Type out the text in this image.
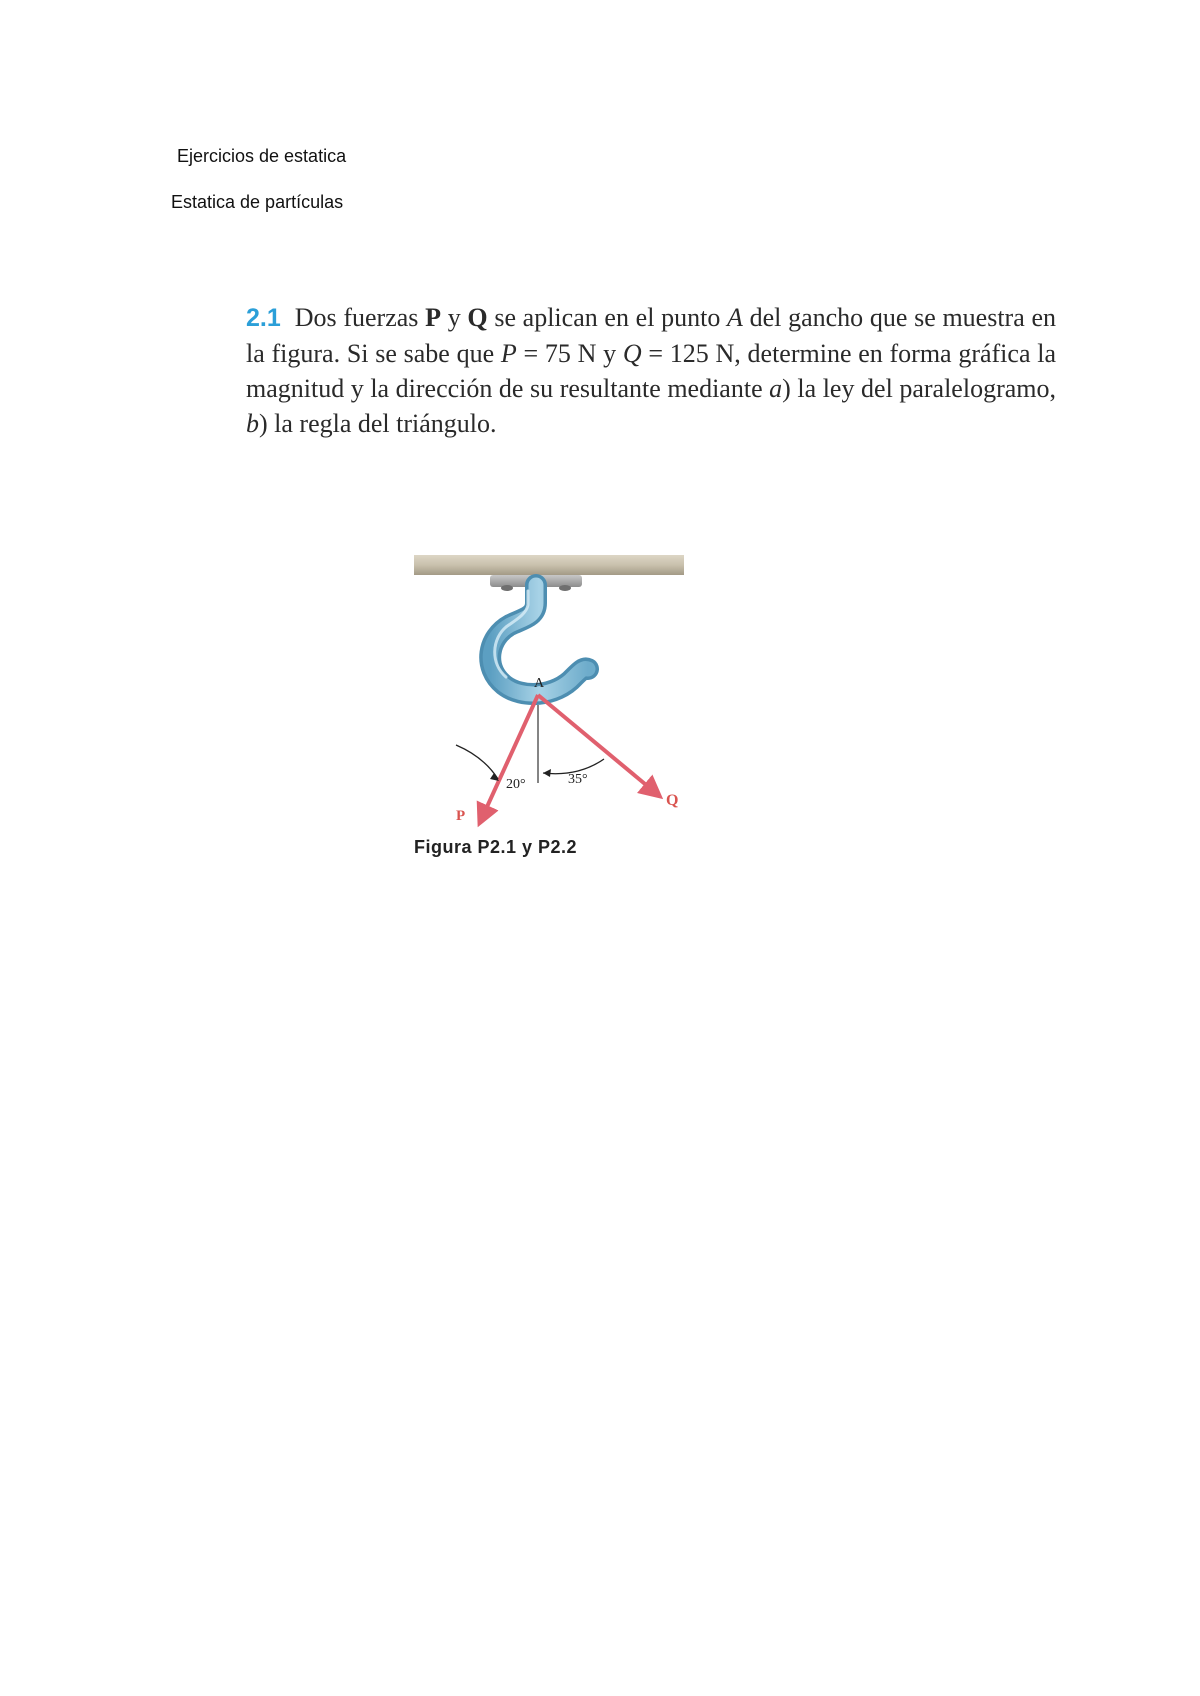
Ejercicios de estatica
Estatica de partículas
2.1 Dos fuerzas P y Q se aplican en el punto A del gancho que se muestra en la figura. Si se sabe que P = 75 N y Q = 125 N, determine en forma gráfica la magnitud y la dirección de su resultante mediante a) la ley del paralelogramo, b) la regla del triángulo.
A
20°	35°
P
Q
Figura P2.1 y P2.2
